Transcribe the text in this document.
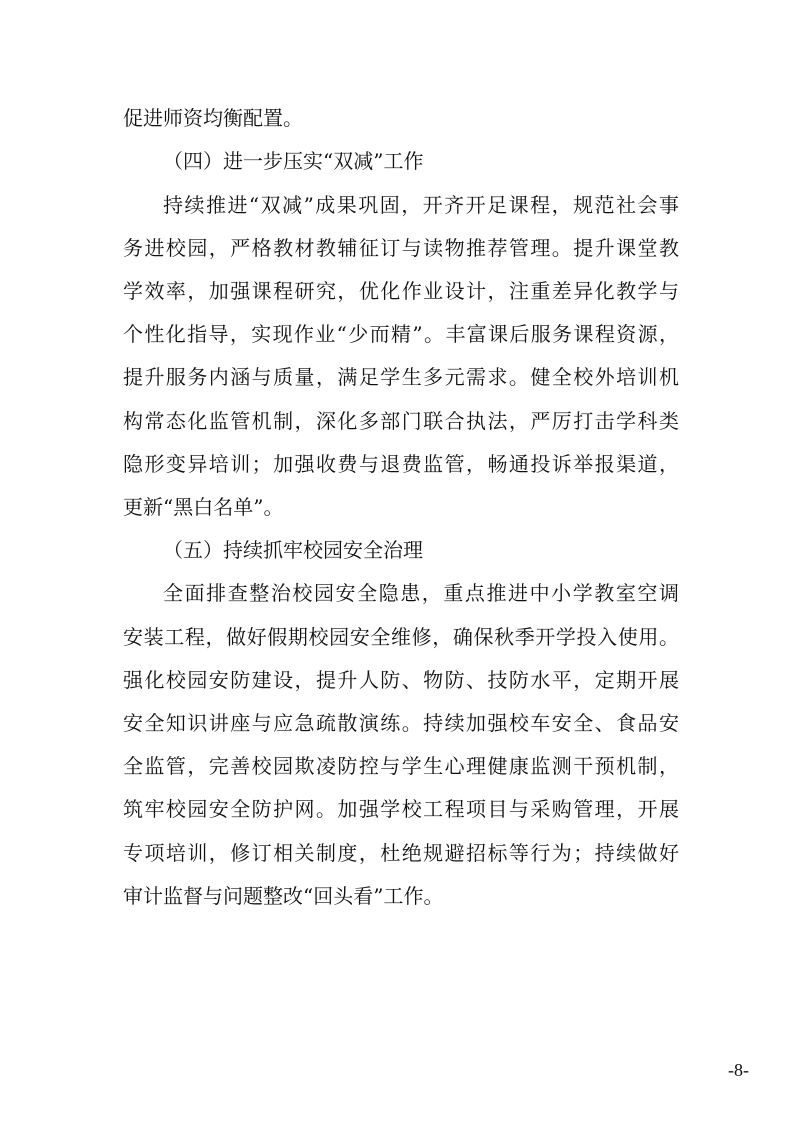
促进师资均衡配置。
（四）进一步压实“双减”工作
持续推进“双减”成果巩固，开齐开足课程，规范社会事
务进校园，严格教材教辅征订与读物推荐管理。提升课堂教
学效率，加强课程研究，优化作业设计，注重差异化教学与
个性化指导，实现作业“少而精”。丰富课后服务课程资源，
提升服务内涵与质量，满足学生多元需求。健全校外培训机
构常态化监管机制，深化多部门联合执法，严厉打击学科类
隐形变异培训；加强收费与退费监管，畅通投诉举报渠道，
更新“黑白名单”。
（五）持续抓牢校园安全治理
全面排查整治校园安全隐患，重点推进中小学教室空调
安装工程，做好假期校园安全维修，确保秋季开学投入使用。
强化校园安防建设，提升人防、物防、技防水平，定期开展
安全知识讲座与应急疏散演练。持续加强校车安全、食品安
全监管，完善校园欺凌防控与学生心理健康监测干预机制，
筑牢校园安全防护网。加强学校工程项目与采购管理，开展
专项培训，修订相关制度，杜绝规避招标等行为；持续做好
审计监督与问题整改“回头看”工作。
-8-
